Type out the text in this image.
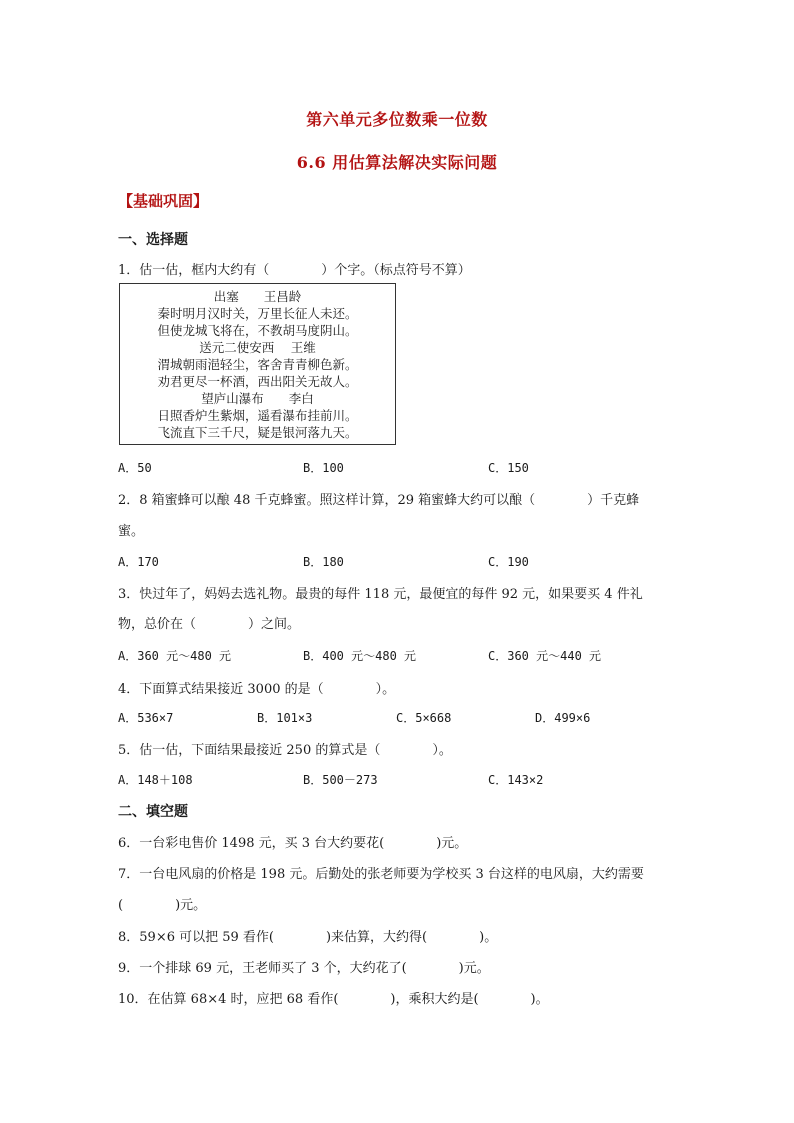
第六单元多位数乘一位数
6.6 用估算法解决实际问题
【基础巩固】
一、选择题
1．估一估，框内大约有（　　　　）个字。（标点符号不算）
出塞　　王昌龄
秦时明月汉时关，万里长征人未还。
但使龙城飞将在，不教胡马度阴山。
送元二使安西　 王维
渭城朝雨浥轻尘，客舍青青柳色新。
劝君更尽一杯酒，西出阳关无故人。
望庐山瀑布　　李白
日照香炉生紫烟，遥看瀑布挂前川。
飞流直下三千尺，疑是银河落九天。
A．50	B．100	C．150
2．8 箱蜜蜂可以酿 48 千克蜂蜜。照这样计算，29 箱蜜蜂大约可以酿（　　　　）千克蜂
蜜。
A．170	B．180	C．190
3．快过年了，妈妈去选礼物。最贵的每件 118 元，最便宜的每件 92 元，如果要买 4 件礼
物，总价在（　　　　）之间。
A．360 元～480 元	B．400 元～480 元	C．360 元～440 元
4．下面算式结果接近 3000 的是（　　　　）。
A．536×7	B．101×3	C．5×668	D．499×6
5．估一估，下面结果最接近 250 的算式是（　　　　）。
A．148＋108	B．500－273	C．143×2
二、填空题
6．一台彩电售价 1498 元，买 3 台大约要花(　　　　)元。
7．一台电风扇的价格是 198 元。后勤处的张老师要为学校买 3 台这样的电风扇，大约需要
(　　　　)元。
8．59×6 可以把 59 看作(　　　　)来估算，大约得(　　　　)。
9．一个排球 69 元，王老师买了 3 个，大约花了(　　　　)元。
10．在估算 68×4 时，应把 68 看作(　　　　)，乘积大约是(　　　　)。
